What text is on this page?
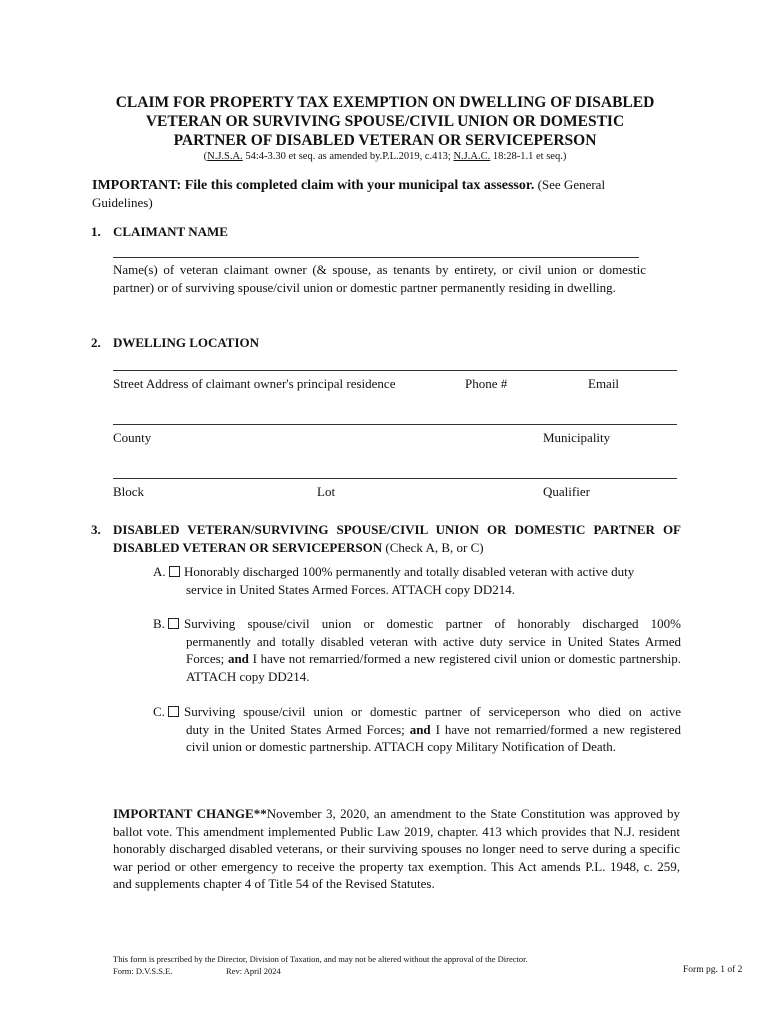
CLAIM FOR PROPERTY TAX EXEMPTION ON DWELLING OF DISABLED
VETERAN OR SURVIVING SPOUSE/CIVIL UNION OR DOMESTIC
PARTNER OF DISABLED VETERAN OR SERVICEPERSON
(N.J.S.A. 54:4-3.30 et seq. as amended by.P.L.2019, c.413; N.J.A.C. 18:28-1.1 et seq.)
IMPORTANT: File this completed claim with your municipal tax assessor. (See General Guidelines)
1. CLAIMANT NAME
Name(s) of veteran claimant owner (& spouse, as tenants by entirety, or civil union or domestic partner) or of surviving spouse/civil union or domestic partner permanently residing in dwelling.
2. DWELLING LOCATION
Street Address of claimant owner's principal residence	Phone #	Email
County	Municipality
Block	Lot	Qualifier
3. DISABLED VETERAN/SURVIVING SPOUSE/CIVIL UNION OR DOMESTIC PARTNER OF DISABLED VETERAN OR SERVICEPERSON (Check A, B, or C)
A.	Honorably discharged 100% permanently and totally disabled veteran with active duty
service in United States Armed Forces. ATTACH copy DD214.
B.	Surviving spouse/civil union or domestic partner of honorably discharged 100%
permanently and totally disabled veteran with active duty service in United States Armed Forces; and I have not remarried/formed a new registered civil union or domestic partnership. ATTACH copy DD214.
C.	Surviving spouse/civil union or domestic partner of serviceperson who died on active
duty in the United States Armed Forces; and I have not remarried/formed a new registered civil union or domestic partnership. ATTACH copy Military Notification of Death.
IMPORTANT CHANGE**November 3, 2020, an amendment to the State Constitution was approved by ballot vote. This amendment implemented Public Law 2019, chapter. 413 which provides that N.J. resident honorably discharged disabled veterans, or their surviving spouses no longer need to serve during a specific war period or other emergency to receive the property tax exemption. This Act amends P.L. 1948, c. 259, and supplements chapter 4 of Title 54 of the Revised Statutes.
This form is prescribed by the Director, Division of Taxation, and may not be altered without the approval of the Director.
Form: D.V.S.S.E.	Rev: April 2024	Form pg. 1 of 2
